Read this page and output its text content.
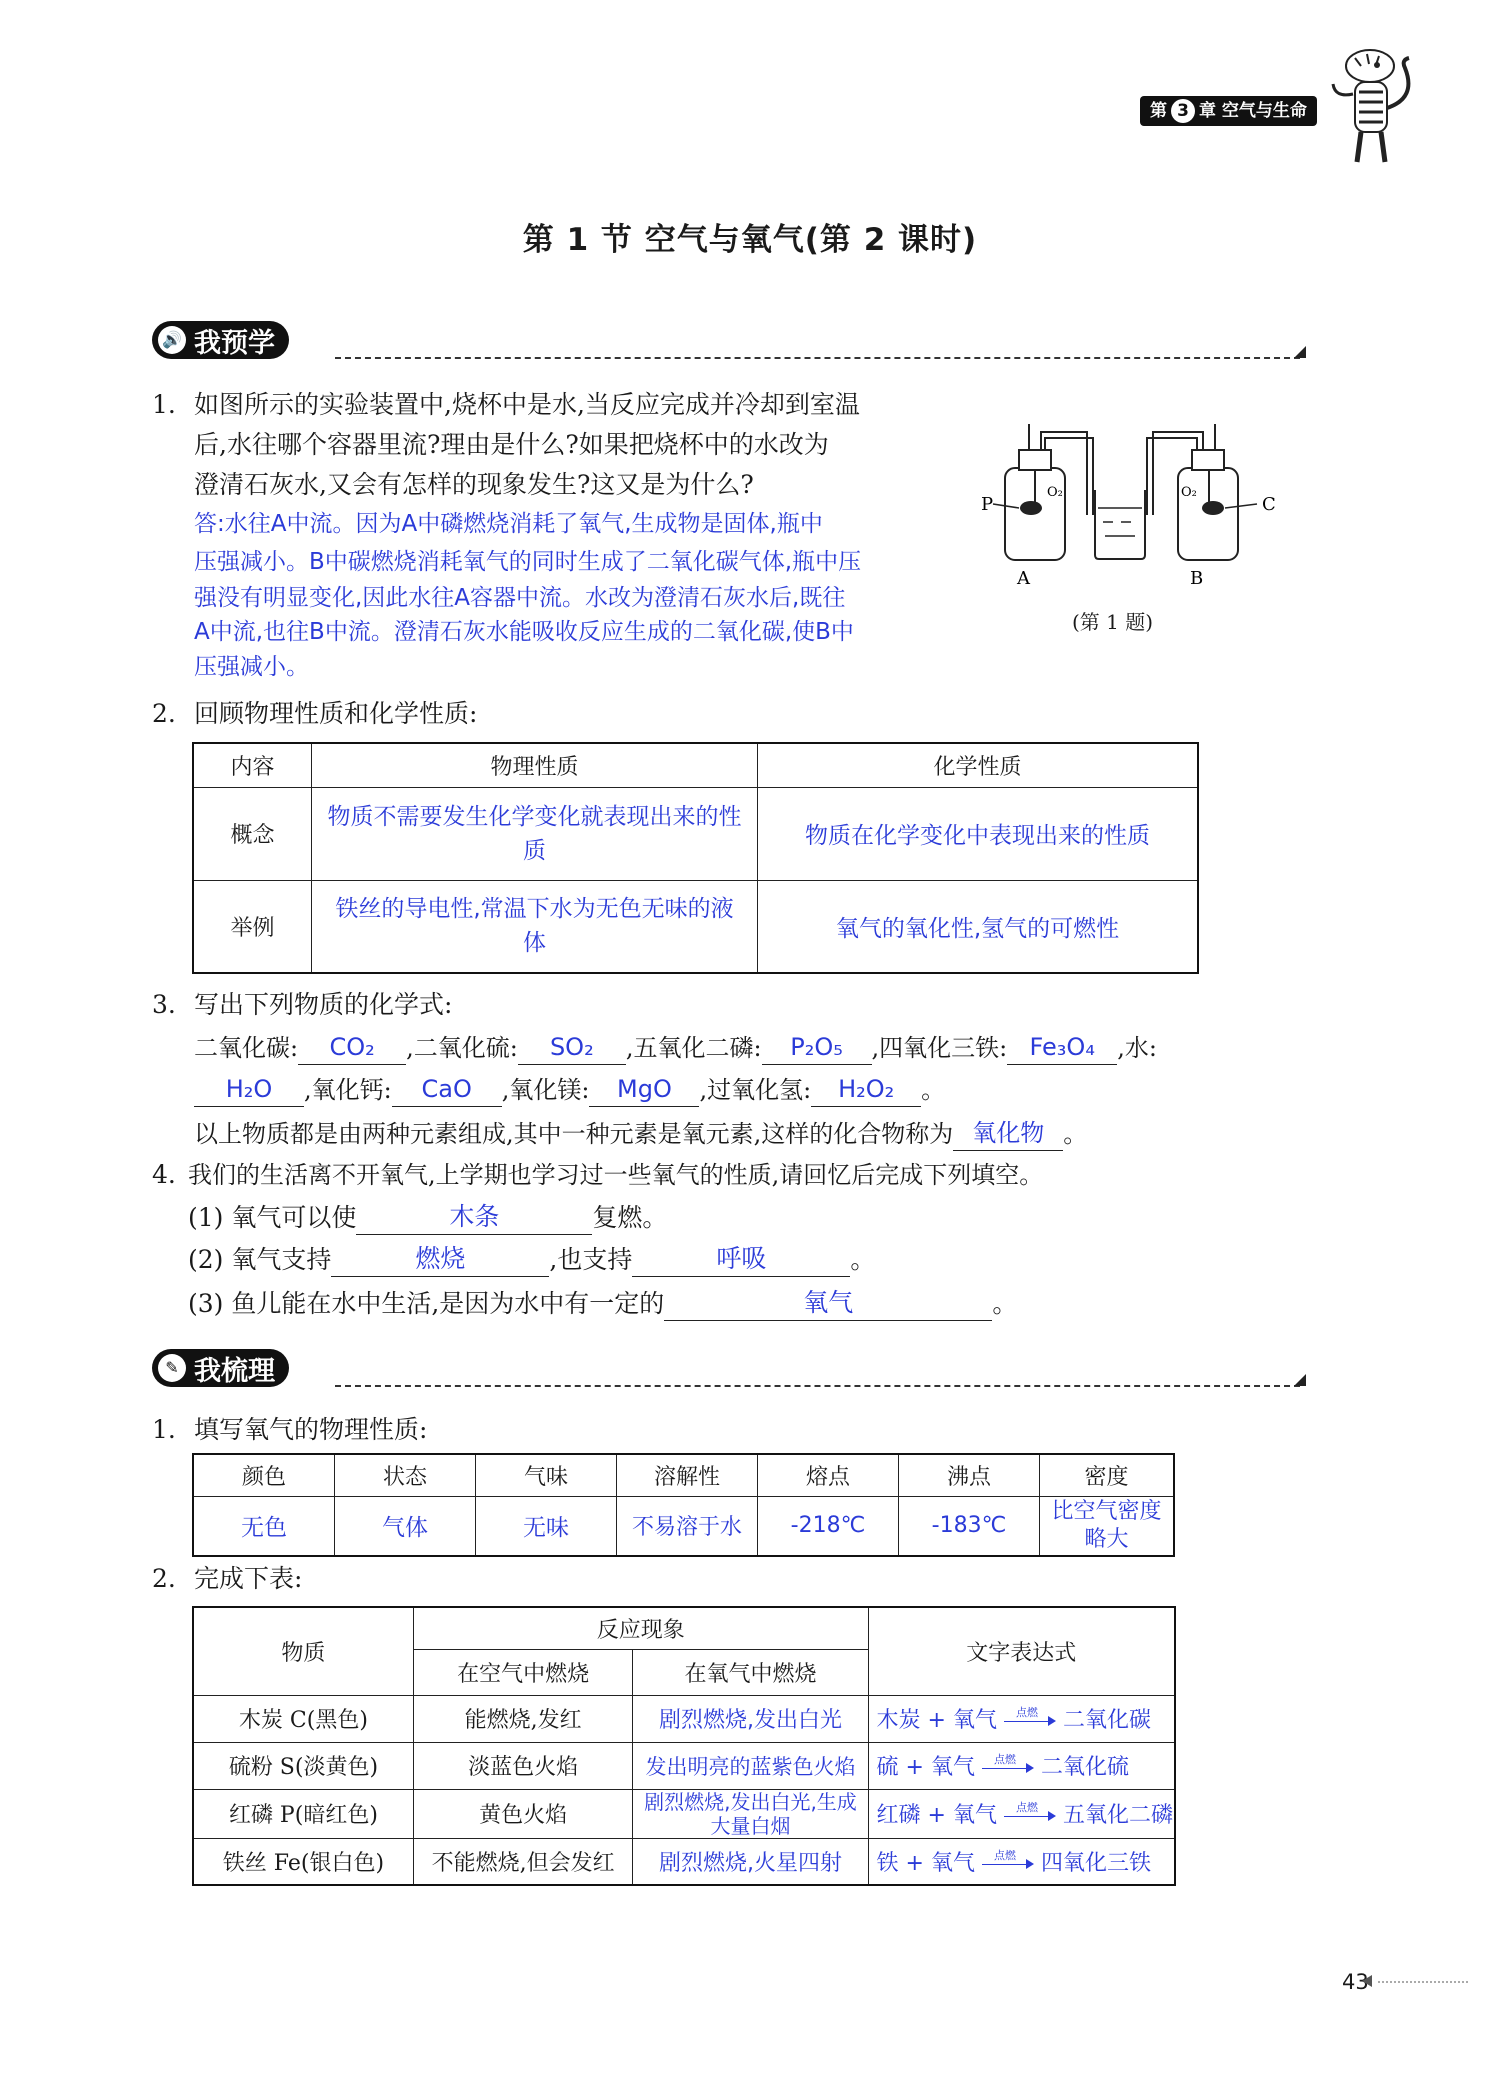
第 3 章 空气与生命
第 1 节 空气与氧气(第 2 课时)
🔊 我预学
1. 如图所示的实验装置中,烧杯中是水,当反应完成并冷却到室温
后,水往哪个容器里流?理由是什么?如果把烧杯中的水改为
澄清石灰水,又会有怎样的现象发生?这又是为什么?
答:水往A中流。因为A中磷燃烧消耗了氧气,生成物是固体,瓶中
压强减小。B中碳燃烧消耗氧气的同时生成了二氧化碳气体,瓶中压
强没有明显变化,因此水往A容器中流。水改为澄清石灰水后,既往
A中流,也往B中流。澄清石灰水能吸收反应生成的二氧化碳,使B中
压强减小。
P	C
O₂	O₂
A	B
(第 1 题)
2. 回顾物理性质和化学性质:
内容	物理性质	化学性质
概念	物质不需要发生化学变化就表现出来的性质	物质在化学变化中表现出来的性质
举例	铁丝的导电性,常温下水为无色无味的液体	氧气的氧化性,氢气的可燃性
3. 写出下列物质的化学式:
二氧化碳: CO₂ ,二氧化硫: SO₂ ,五氧化二磷: P₂O₅ ,四氧化三铁: Fe₃O₄ ,水:
H₂O ,氧化钙: CaO ,氧化镁: MgO ,过氧化氢: H₂O₂ 。
以上物质都是由两种元素组成,其中一种元素是氧元素,这样的化合物称为 氧化物 。
4. 我们的生活离不开氧气,上学期也学习过一些氧气的性质,请回忆后完成下列填空。
(1) 氧气可以使	木条	复燃。
(2) 氧气支持	燃烧	,也支持	呼吸	。
(3) 鱼儿能在水中生活,是因为水中有一定的	氧气	。
✎ 我梳理
1. 填写氧气的物理性质:
颜色	状态	气味	溶解性	熔点	沸点	密度
无色	气体	无味	不易溶于水	-218℃	-183℃	比空气密度略大
2. 完成下表:
物质	反应现象		文字表达式
	在空气中燃烧	在氧气中燃烧	
木炭 C(黑色)	能燃烧,发红	剧烈燃烧,发出白光	木炭 + 氧气 点燃 二氧化碳
硫粉 S(淡黄色)	淡蓝色火焰	发出明亮的蓝紫色火焰	硫 + 氧气 点燃 二氧化硫
红磷 P(暗红色)	黄色火焰	剧烈燃烧,发出白光,生成大量白烟	红磷 + 氧气 点燃 五氧化二磷
铁丝 Fe(银白色)	不能燃烧,但会发红	剧烈燃烧,火星四射	铁 + 氧气 点燃 四氧化三铁
43
